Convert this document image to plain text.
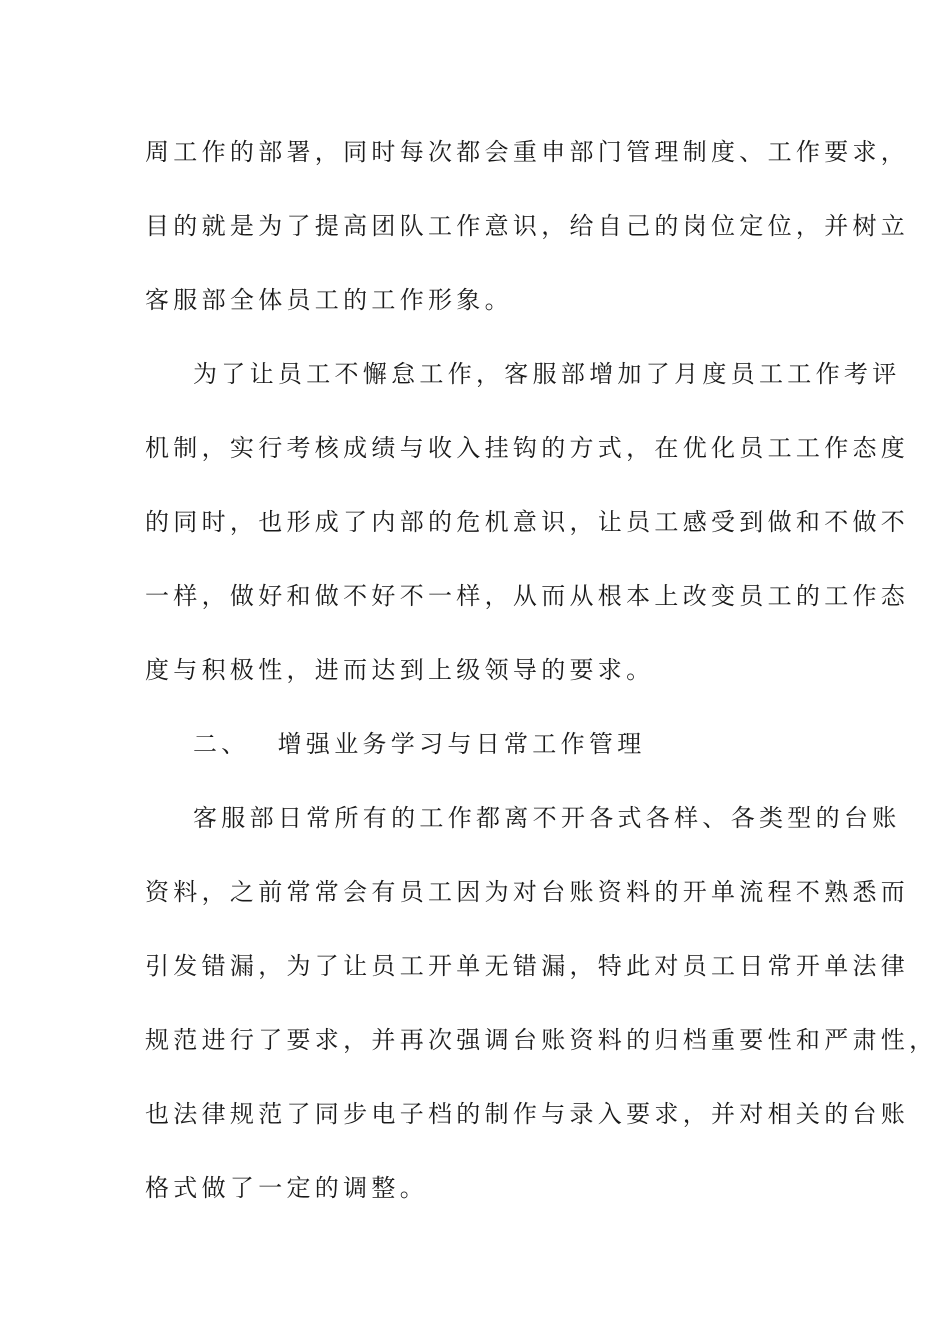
周工作的部署，同时每次都会重申部门管理制度、工作要求，
目的就是为了提高团队工作意识，给自己的岗位定位，并树立
客服部全体员工的工作形象。
为了让员工不懈怠工作，客服部增加了月度员工工作考评
机制，实行考核成绩与收入挂钩的方式，在优化员工工作态度
的同时，也形成了内部的危机意识，让员工感受到做和不做不
一样，做好和做不好不一样，从而从根本上改变员工的工作态
度与积极性，进而达到上级领导的要求。
二、 增强业务学习与日常工作管理
客服部日常所有的工作都离不开各式各样、各类型的台账
资料，之前常常会有员工因为对台账资料的开单流程不熟悉而
引发错漏，为了让员工开单无错漏，特此对员工日常开单法律
规范进行了要求，并再次强调台账资料的归档重要性和严肃性，
也法律规范了同步电子档的制作与录入要求，并对相关的台账
格式做了一定的调整。
